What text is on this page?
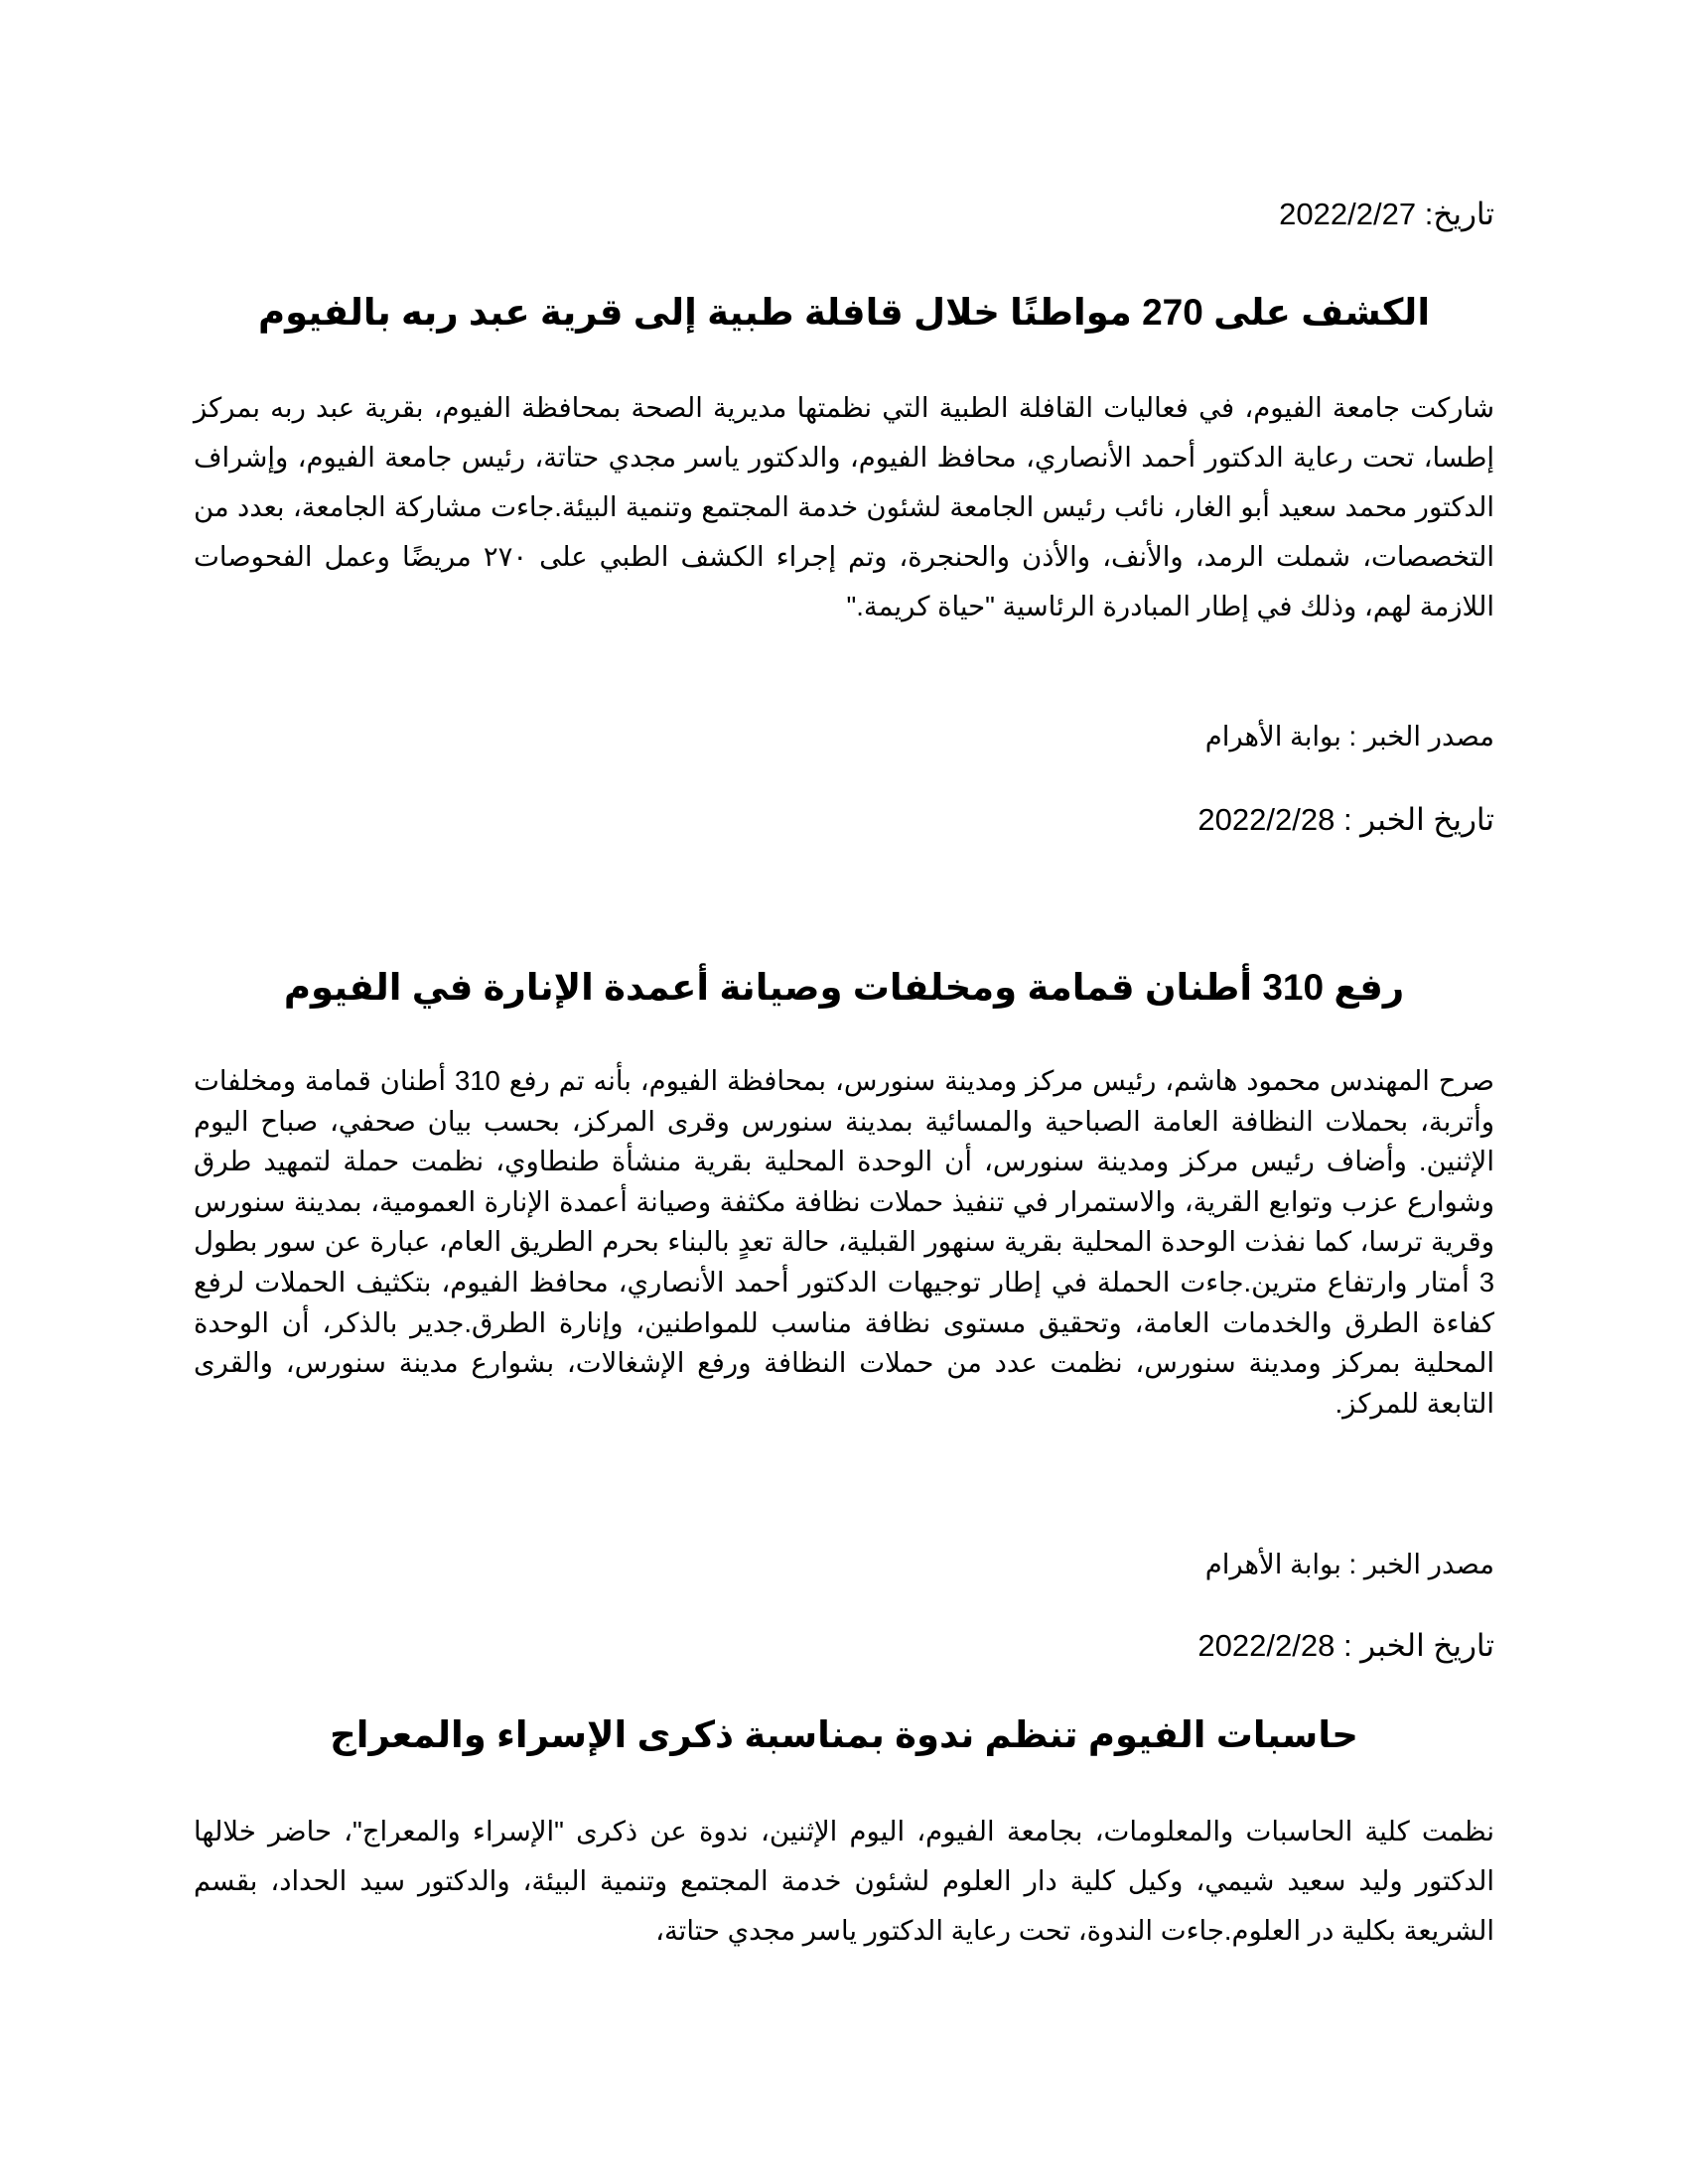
تاريخ: 2022/2/27
الكشف على 270 مواطنًا خلال قافلة طبية إلى قرية عبد ربه بالفيوم

شاركت جامعة الفيوم، في فعاليات القافلة الطبية التي نظمتها مديرية الصحة بمحافظة الفيوم، بقرية عبد ربه بمركز إطسا، تحت رعاية الدكتور أحمد الأنصاري، محافظ الفيوم، والدكتور ياسر مجدي حتاتة، رئيس جامعة الفيوم، وإشراف الدكتور محمد سعيد أبو الغار، نائب رئيس الجامعة لشئون خدمة المجتمع وتنمية البيئة.جاءت مشاركة الجامعة، بعدد من التخصصات، شملت الرمد، والأنف، والأذن والحنجرة، وتم إجراء الكشف الطبي على ٢٧٠ مريضًا وعمل الفحوصات اللازمة لهم، وذلك في إطار المبادرة الرئاسية "حياة كريمة."

مصدر الخبر : بوابة الأهرام
تاريخ الخبر : 2022/2/28
رفع 310 أطنان قمامة ومخلفات وصيانة أعمدة الإنارة في الفيوم

صرح المهندس محمود هاشم، رئيس مركز ومدينة سنورس، بمحافظة الفيوم، بأنه تم رفع 310 أطنان قمامة ومخلفات وأتربة، بحملات النظافة العامة الصباحية والمسائية بمدينة سنورس وقرى المركز، بحسب بيان صحفي، صباح اليوم الإثنين. وأضاف رئيس مركز ومدينة سنورس، أن الوحدة المحلية بقرية منشأة طنطاوي، نظمت حملة لتمهيد طرق وشوارع عزب وتوابع القرية، والاستمرار في تنفيذ حملات نظافة مكثفة وصيانة أعمدة الإنارة العمومية، بمدينة سنورس وقرية ترسا، كما نفذت الوحدة المحلية بقرية سنهور القبلية، حالة تعدٍ بالبناء بحرم الطريق العام، عبارة عن سور بطول 3 أمتار وارتفاع مترين.جاءت الحملة في إطار توجيهات الدكتور أحمد الأنصاري، محافظ الفيوم، بتكثيف الحملات لرفع كفاءة الطرق والخدمات العامة، وتحقيق مستوى نظافة مناسب للمواطنين، وإنارة الطرق.جدير بالذكر، أن الوحدة المحلية بمركز ومدينة سنورس، نظمت عدد من حملات النظافة ورفع الإشغالات، بشوارع مدينة سنورس، والقرى التابعة للمركز.

مصدر الخبر : بوابة الأهرام
تاريخ الخبر : 2022/2/28
حاسبات الفيوم تنظم ندوة بمناسبة ذكرى الإسراء والمعراج

نظمت كلية الحاسبات والمعلومات، بجامعة الفيوم، اليوم الإثنين، ندوة عن ذكرى "الإسراء والمعراج"، حاضر خلالها الدكتور وليد سعيد شيمي، وكيل كلية دار العلوم لشئون خدمة المجتمع وتنمية البيئة، والدكتور سيد الحداد، بقسم الشريعة بكلية در العلوم.جاءت الندوة، تحت رعاية الدكتور ياسر مجدي حتاتة،
